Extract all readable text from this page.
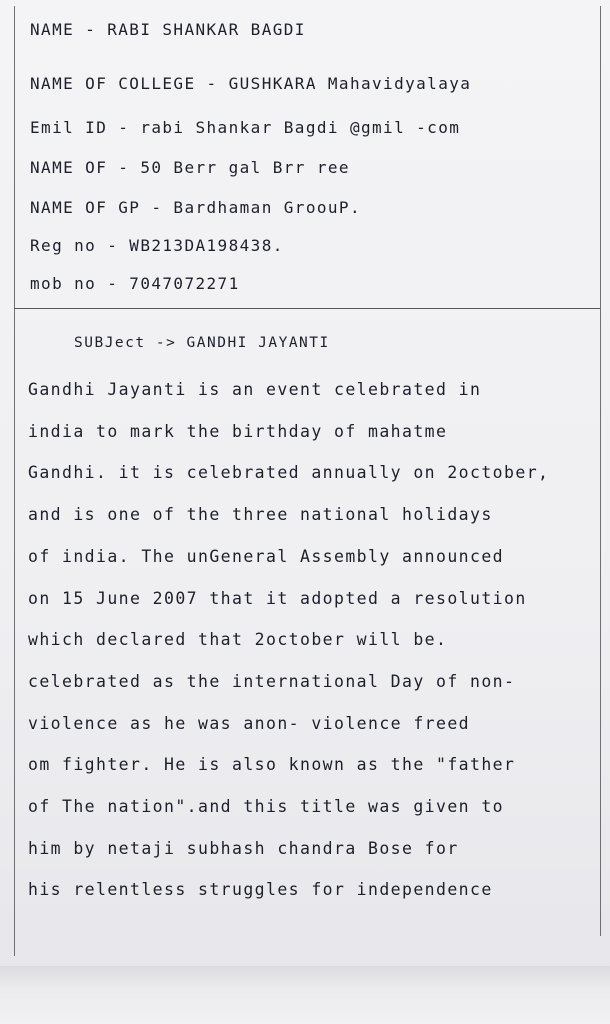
NAME - RABI SHANKAR BAGDI
NAME OF COLLEGE - GUSHKARA Mahavidyalaya
Emil ID - rabi Shankar Bagdi @gmil -com
NAME OF - 50 Berr gal Brr ree
NAME OF GP - Bardhaman GroouP.
Reg no - WB213DA198438.
mob no - 7047072271
SUBJect -> GANDHI JAYANTI
Gandhi Jayanti is an event celebrated in
india to mark the birthday of mahatme
Gandhi. it is celebrated annually on 2october,
and is one of the three national holidays
of india. The unGeneral Assembly announced
on 15 June 2007 that it adopted a resolution
which declared that 2october will be.
celebrated as the international Day of non-
violence as he was anon- violence freed
om fighter. He is also known as the "father
of The nation".and this title was given to
him by netaji subhash chandra Bose for
his relentless struggles for independence
